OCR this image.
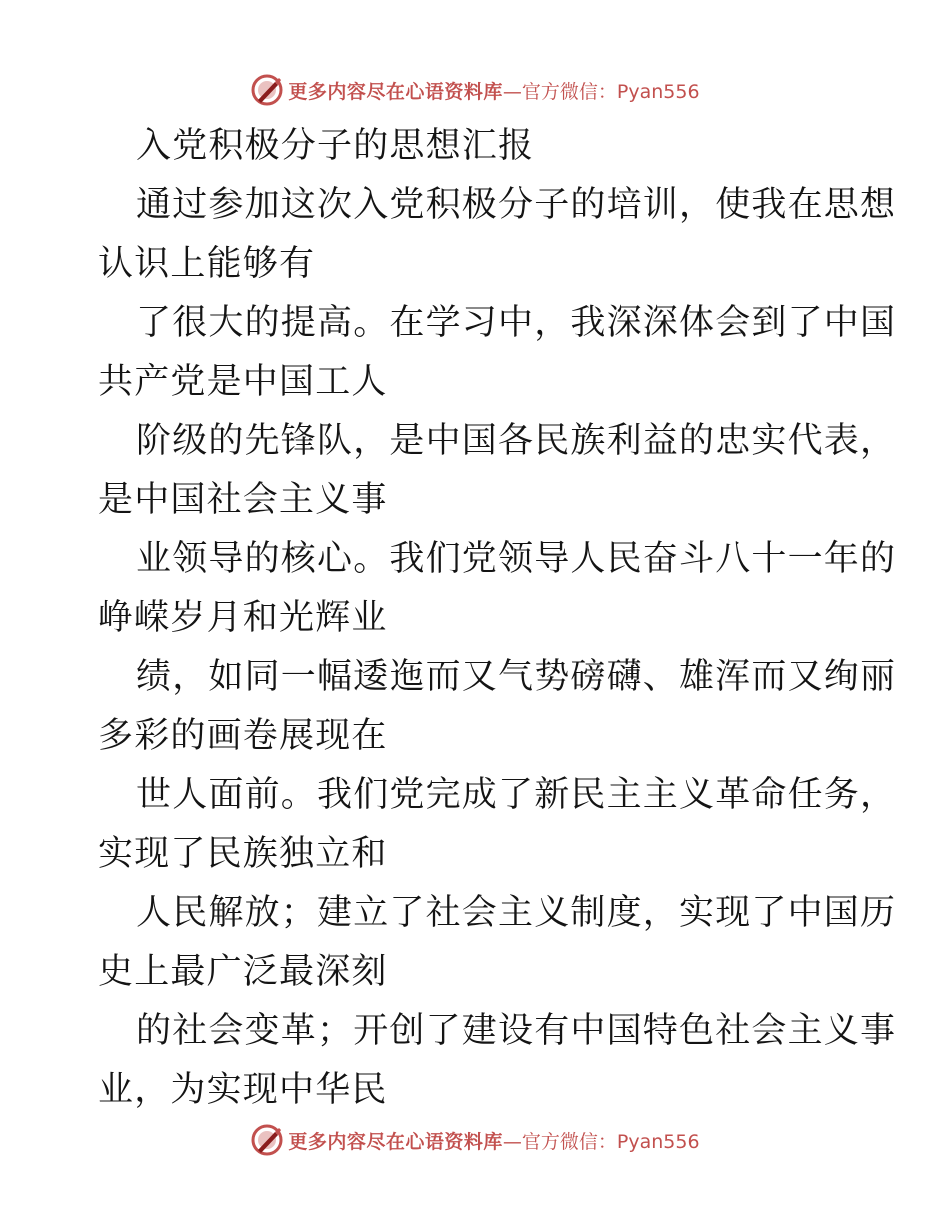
更多内容尽在心语资料库 —官方微信：Pyan556
入党积极分子的思想汇报
通过参加这次入党积极分子的培训，使我在思想
认识上能够有
了很大的提高。在学习中，我深深体会到了中国
共产党是中国工人
阶级的先锋队，是中国各民族利益的忠实代表，
是中国社会主义事
业领导的核心。我们党领导人民奋斗八十一年的
峥嵘岁月和光辉业
绩，如同一幅逶迤而又气势磅礴、雄浑而又绚丽
多彩的画卷展现在
世人面前。我们党完成了新民主主义革命任务，
实现了民族独立和
人民解放；建立了社会主义制度，实现了中国历
史上最广泛最深刻
的社会变革；开创了建设有中国特色社会主义事
业，为实现中华民
更多内容尽在心语资料库 —官方微信：Pyan556
